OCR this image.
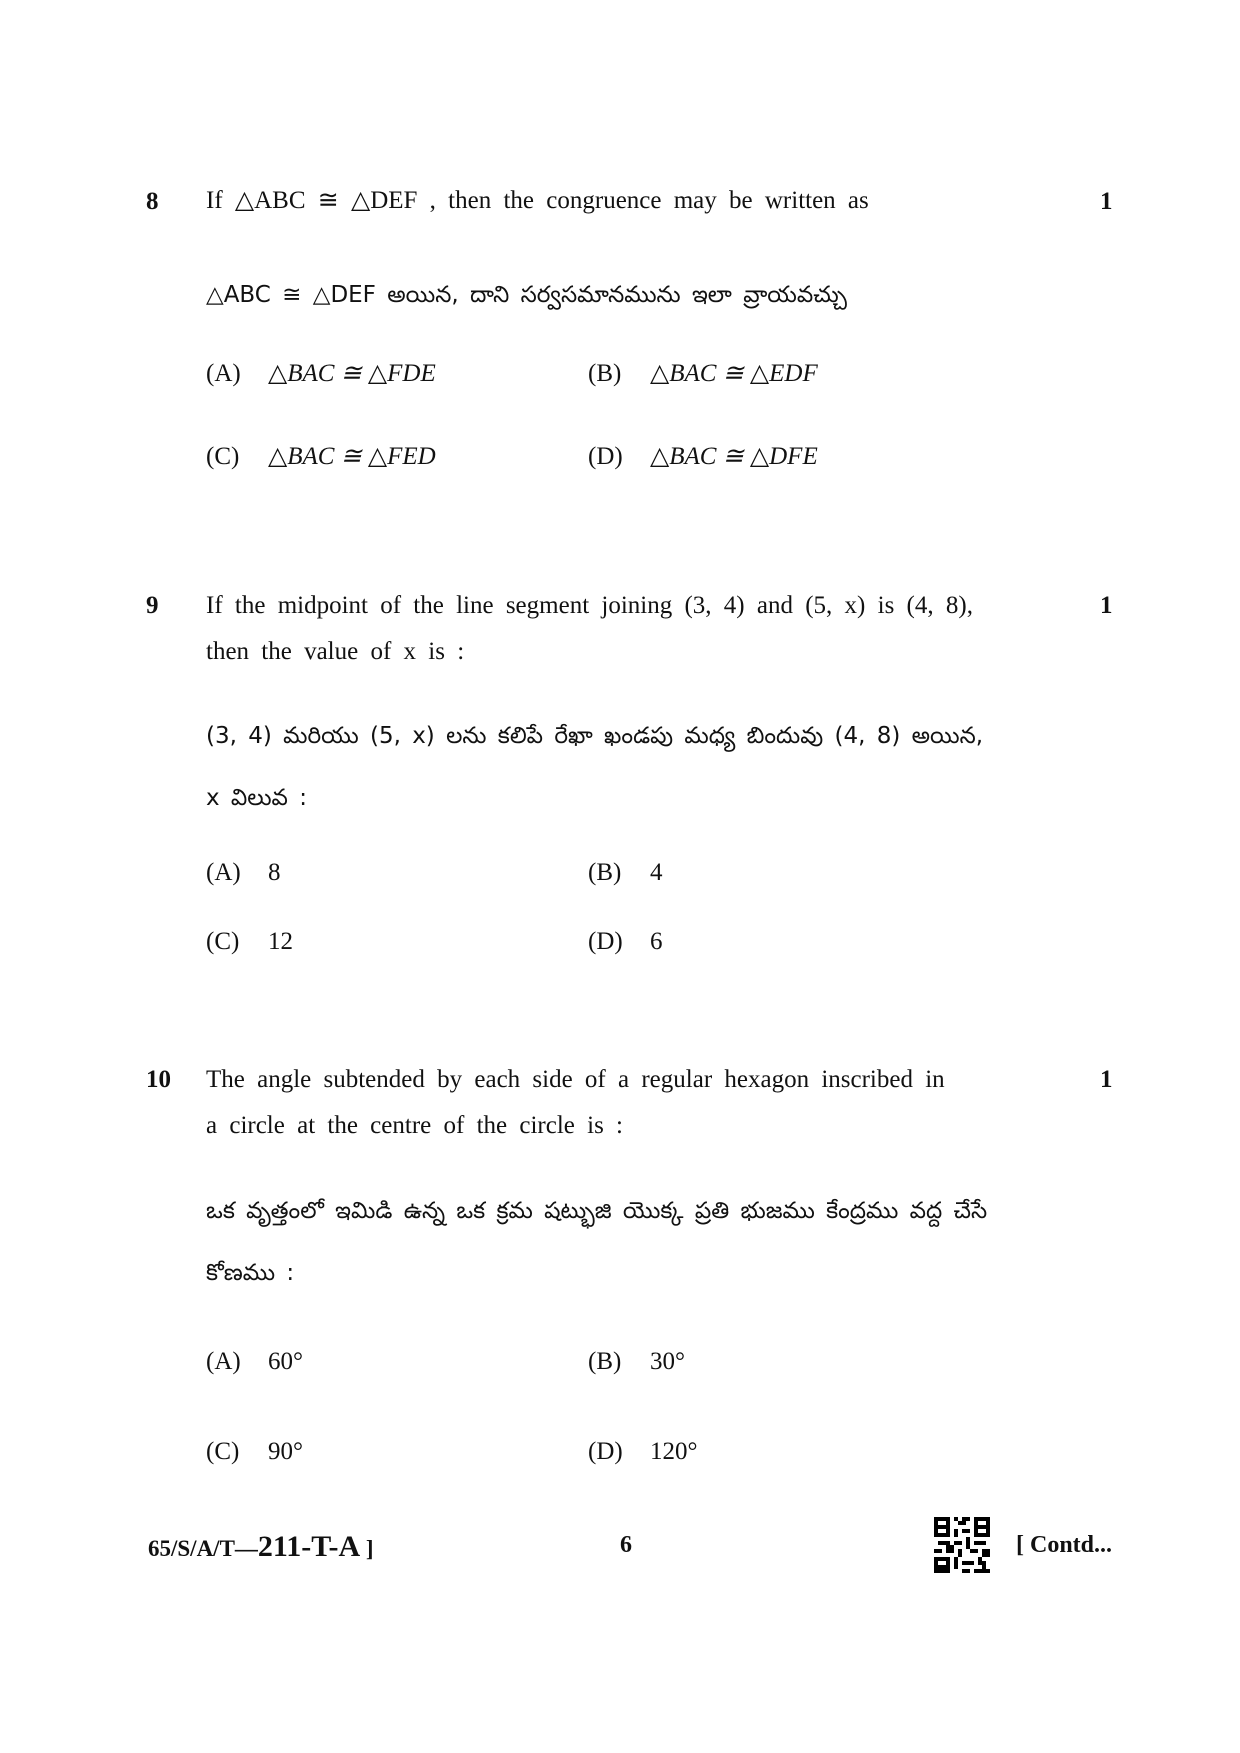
8 If △ABC ≅ △DEF , then the congruence may be written as	1
△ABC ≅ △DEF అయిన, దాని సర్వసమానమును ఇలా వ్రాయవచ్చు
(A) △BAC ≅ △FDE	(B) △BAC ≅ △EDF
(C) △BAC ≅ △FED	(D) △BAC ≅ △DFE
9 If the midpoint of the line segment joining (3, 4) and (5, x) is (4, 8),
then the value of x is :
1
(3, 4) మరియు (5, x) లను కలిపే రేఖా ఖండపు మధ్య బిందువు (4, 8) అయిన,
x విలువ :
(A) 8	(B) 4
(C) 12	(D) 6
10 The angle subtended by each side of a regular hexagon inscribed in
a circle at the centre of the circle is :
1
ఒక వృత్తంలో ఇమిడి ఉన్న ఒక క్రమ షట్భుజి యొక్క ప్రతి భుజము కేంద్రము వద్ద చేసే
కోణము :
(A) 60°	(B) 30°
(C) 90°	(D) 120°
65/S/A/T—211-T-A ]	6	[ Contd...
